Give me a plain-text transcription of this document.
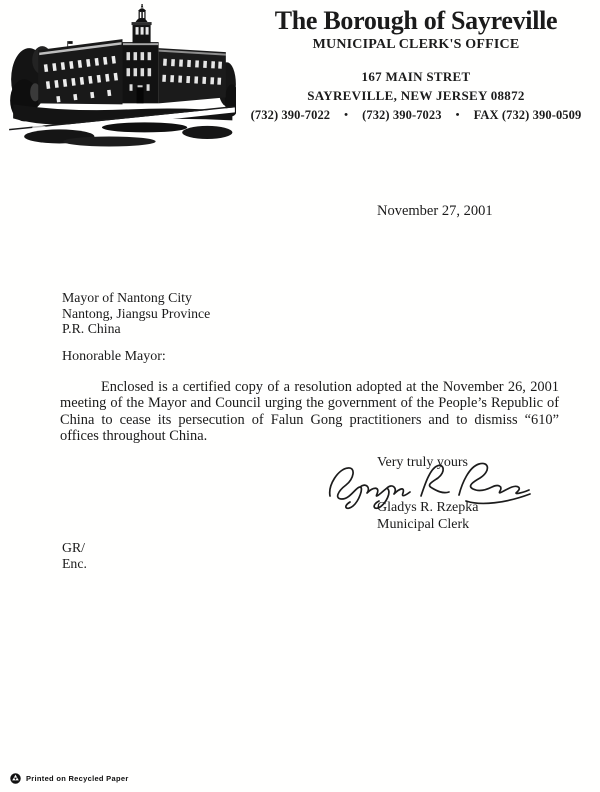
The Borough of Sayreville
MUNICIPAL CLERK'S OFFICE
167 MAIN STRET
SAYREVILLE, NEW JERSEY 08872
(732) 390-7022 • (732) 390-7023 • FAX (732) 390-0509
November 27, 2001
Mayor of Nantong City
Nantong, Jiangsu Province
P.R. China
Honorable Mayor:
Enclosed is a certified copy of a resolution adopted at the November 26, 2001 meeting of the Mayor and Council urging the government of the People’s Republic of China to cease its persecution of Falun Gong practitioners and to dismiss “610” offices throughout China.
Very truly yours
Gladys R. Rzepka
Municipal Clerk
GR/
Enc.
Printed on Recycled Paper
